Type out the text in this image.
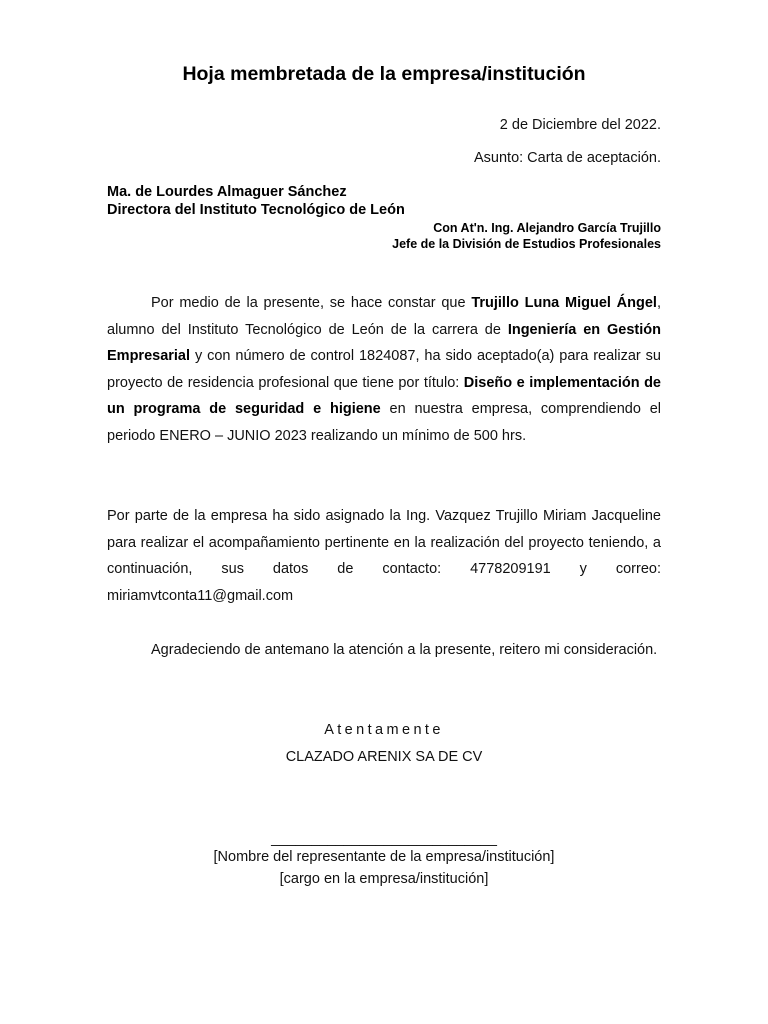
Hoja membretada de la empresa/institución
2 de Diciembre del 2022.
Asunto: Carta de aceptación.
Ma. de Lourdes Almaguer Sánchez
Directora del Instituto Tecnológico de León
Con At'n. Ing. Alejandro García Trujillo
Jefe de la División de Estudios Profesionales

Por medio de la presente, se hace constar que Trujillo Luna Miguel Ángel, alumno del Instituto Tecnológico de León de la carrera de Ingeniería en Gestión Empresarial y con número de control 1824087, ha sido aceptado(a) para realizar su proyecto de residencia profesional que tiene por título: Diseño e implementación de un programa de seguridad e higiene en nuestra empresa, comprendiendo el periodo ENERO – JUNIO 2023 realizando un mínimo de 500 hrs.

Por parte de la empresa ha sido asignado la Ing. Vazquez Trujillo Miriam Jacqueline para realizar el acompañamiento pertinente en la realización del proyecto teniendo, a continuación, sus datos de contacto: 4778209191 y correo: miriamvtconta11@gmail.com

Agradeciendo de antemano la atención a la presente, reitero mi consideración.

Atentamente
CLAZADO ARENIX SA DE CV
____________________________
[Nombre del representante de la empresa/institución]
[cargo en la empresa/institución]
